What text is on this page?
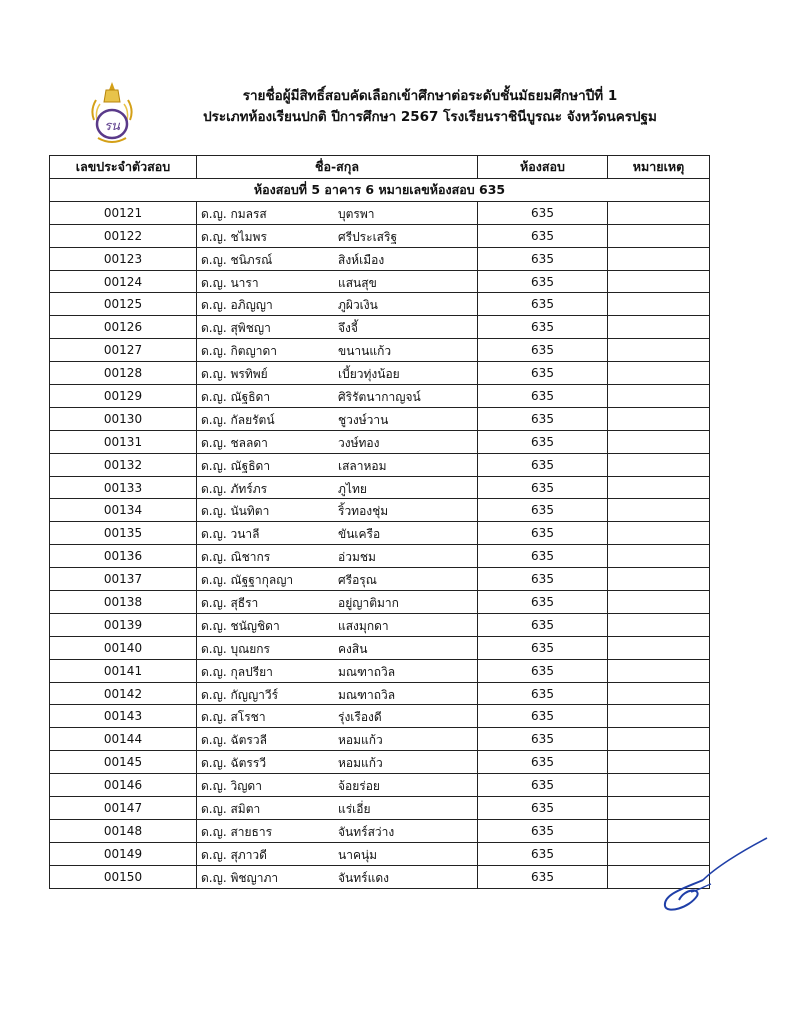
รน
รายชื่อผู้มีสิทธิ์สอบคัดเลือกเข้าศึกษาต่อระดับชั้นมัธยมศึกษาปีที่ 1
ประเภทห้องเรียนปกติ ปีการศึกษา 2567 โรงเรียนราชินีบูรณะ จังหวัดนครปฐม
เลขประจำตัวสอบ	ชื่อ-สกุล	ห้องสอบ	หมายเหตุ
ห้องสอบที่ 5 อาคาร 6 หมายเลขห้องสอบ 635			
00121	ด.ญ. กมลรส บุตรพา	635	
00122	ด.ญ. ชไมพร ศรีประเสริฐ	635	
00123	ด.ญ. ชนิภรณ์ สิงห์เมือง	635	
00124	ด.ญ. นารา แสนสุข	635	
00125	ด.ญ. อภิญญา ภูผิวเงิน	635	
00126	ด.ญ. สุพิชญา จึงจี้	635	
00127	ด.ญ. กิตญาดา ขนานแก้ว	635	
00128	ด.ญ. พรทิพย์ เบี้ยวทุ่งน้อย	635	
00129	ด.ญ. ณัฐธิดา ศิริรัตนากาญจน์	635	
00130	ด.ญ. กัลยรัตน์ ชูวงษ์วาน	635	
00131	ด.ญ. ชลลดา วงษ์ทอง	635	
00132	ด.ญ. ณัฐธิดา เสลาหอม	635	
00133	ด.ญ. ภัทร์ภร ภูไทย	635	
00134	ด.ญ. นันทิตา ริ้วทองชุ่ม	635	
00135	ด.ญ. วนาลี ขันเครือ	635	
00136	ด.ญ. ณิชากร อ่วมชม	635	
00137	ด.ญ. ณัฐฐากุลญา ศรีอรุณ	635	
00138	ด.ญ. สุธีรา อยู่ญาติมาก	635	
00139	ด.ญ. ชนัญชิดา แสงมุกดา	635	
00140	ด.ญ. บุณยกร คงสิน	635	
00141	ด.ญ. กุลปรียา มณฑาถวิล	635	
00142	ด.ญ. กัญญาวีร์ มณฑาถวิล	635	
00143	ด.ญ. สโรชา รุ่งเรืองดี	635	
00144	ด.ญ. ฉัตรวลี หอมแก้ว	635	
00145	ด.ญ. ฉัตรรวี หอมแก้ว	635	
00146	ด.ญ. วิญดา จ้อยร่อย	635	
00147	ด.ญ. สมิตา แร่เอี่ย	635	
00148	ด.ญ. สายธาร จันทร์สว่าง	635	
00149	ด.ญ. สุภาวดี นาคนุ่ม	635	
00150	ด.ญ. พิชญาภา จันทร์แดง	635	
